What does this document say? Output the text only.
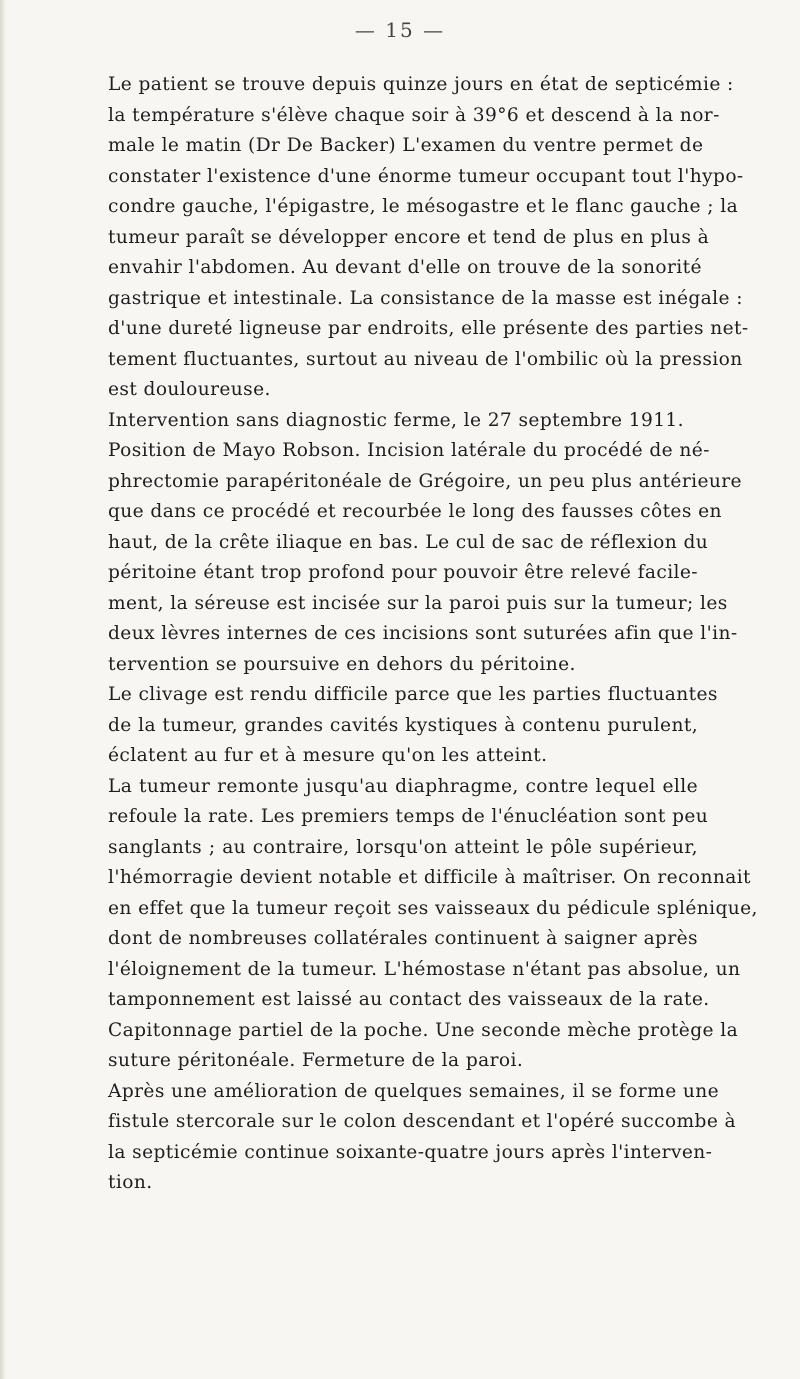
— 15 —
Le patient se trouve depuis quinze jours en état de septicémie :
la température s'élève chaque soir à 39°6 et descend à la nor-
male le matin (Dr De Backer) L'examen du ventre permet de
constater l'existence d'une énorme tumeur occupant tout l'hypo-
condre gauche, l'épigastre, le mésogastre et le flanc gauche ; la
tumeur paraît se développer encore et tend de plus en plus à
envahir l'abdomen. Au devant d'elle on trouve de la sonorité
gastrique et intestinale. La consistance de la masse est inégale :
d'une dureté ligneuse par endroits, elle présente des parties net-
tement fluctuantes, surtout au niveau de l'ombilic où la pression
est douloureuse.
Intervention sans diagnostic ferme, le 27 septembre 1911.
Position de Mayo Robson. Incision latérale du procédé de né-
phrectomie parapéritonéale de Grégoire, un peu plus antérieure
que dans ce procédé et recourbée le long des fausses côtes en
haut, de la crête iliaque en bas. Le cul de sac de réflexion du
péritoine étant trop profond pour pouvoir être relevé facile-
ment, la séreuse est incisée sur la paroi puis sur la tumeur; les
deux lèvres internes de ces incisions sont suturées afin que l'in-
tervention se poursuive en dehors du péritoine.
Le clivage est rendu difficile parce que les parties fluctuantes
de la tumeur, grandes cavités kystiques à contenu purulent,
éclatent au fur et à mesure qu'on les atteint.
La tumeur remonte jusqu'au diaphragme, contre lequel elle
refoule la rate. Les premiers temps de l'énucléation sont peu
sanglants ; au contraire, lorsqu'on atteint le pôle supérieur,
l'hémorragie devient notable et difficile à maîtriser. On reconnait
en effet que la tumeur reçoit ses vaisseaux du pédicule splénique,
dont de nombreuses collatérales continuent à saigner après
l'éloignement de la tumeur. L'hémostase n'étant pas absolue, un
tamponnement est laissé au contact des vaisseaux de la rate.
Capitonnage partiel de la poche. Une seconde mèche protège la
suture péritonéale. Fermeture de la paroi.
Après une amélioration de quelques semaines, il se forme une
fistule stercorale sur le colon descendant et l'opéré succombe à
la septicémie continue soixante-quatre jours après l'interven-
tion.
